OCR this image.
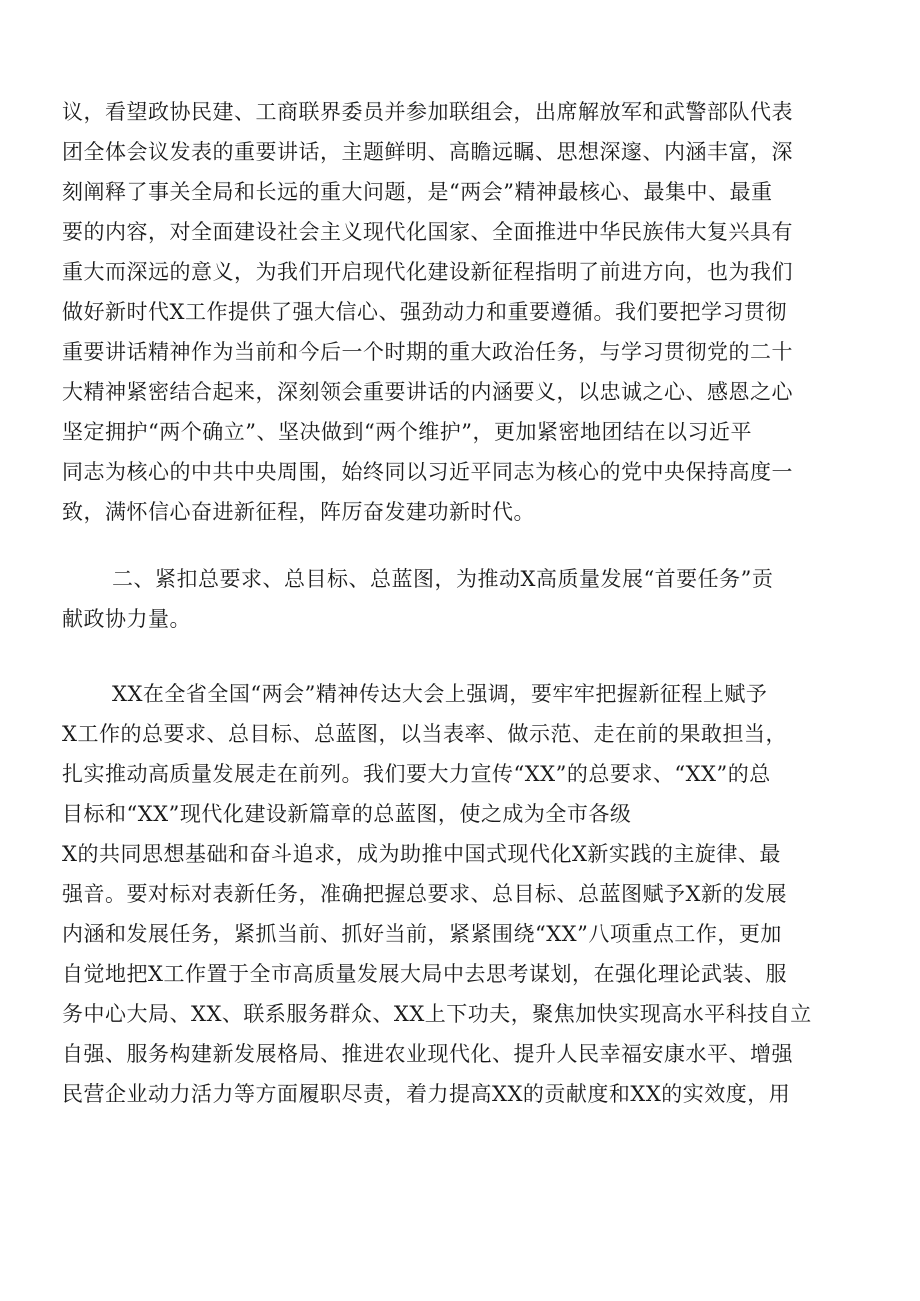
议，看望政协民建、工商联界委员并参加联组会，出席解放军和武警部队代表
团全体会议发表的重要讲话，主题鲜明、高瞻远瞩、思想深邃、内涵丰富，深
刻阐释了事关全局和长远的重大问题，是“两会”精神最核心、最集中、最重
要的内容，对全面建设社会主义现代化国家、全面推进中华民族伟大复兴具有
重大而深远的意义，为我们开启现代化建设新征程指明了前进方向，也为我们
做好新时代X工作提供了强大信心、强劲动力和重要遵循。我们要把学习贯彻
重要讲话精神作为当前和今后一个时期的重大政治任务，与学习贯彻党的二十
大精神紧密结合起来，深刻领会重要讲话的内涵要义，以忠诚之心、感恩之心
坚定拥护“两个确立”、坚决做到“两个维护”，更加紧密地团结在以习近平
同志为核心的中共中央周围，始终同以习近平同志为核心的党中央保持高度一
致，满怀信心奋进新征程，阵厉奋发建功新时代。
二、紧扣总要求、总目标、总蓝图，为推动X高质量发展“首要任务”贡
献政协力量。
XX在全省全国“两会”精神传达大会上强调，要牢牢把握新征程上赋予
X工作的总要求、总目标、总蓝图，以当表率、做示范、走在前的果敢担当，
扎实推动高质量发展走在前列。我们要大力宣传“XX”的总要求、“XX”的总
目标和“XX”现代化建设新篇章的总蓝图，使之成为全市各级
X的共同思想基础和奋斗追求，成为助推中国式现代化X新实践的主旋律、最
强音。要对标对表新任务，准确把握总要求、总目标、总蓝图赋予X新的发展
内涵和发展任务，紧抓当前、抓好当前，紧紧围绕“XX”八项重点工作，更加
自觉地把X工作置于全市高质量发展大局中去思考谋划，在强化理论武装、服
务中心大局、XX、联系服务群众、XX上下功夫，聚焦加快实现高水平科技自立
自强、服务构建新发展格局、推进农业现代化、提升人民幸福安康水平、增强
民营企业动力活力等方面履职尽责，着力提高XX的贡献度和XX的实效度，用
